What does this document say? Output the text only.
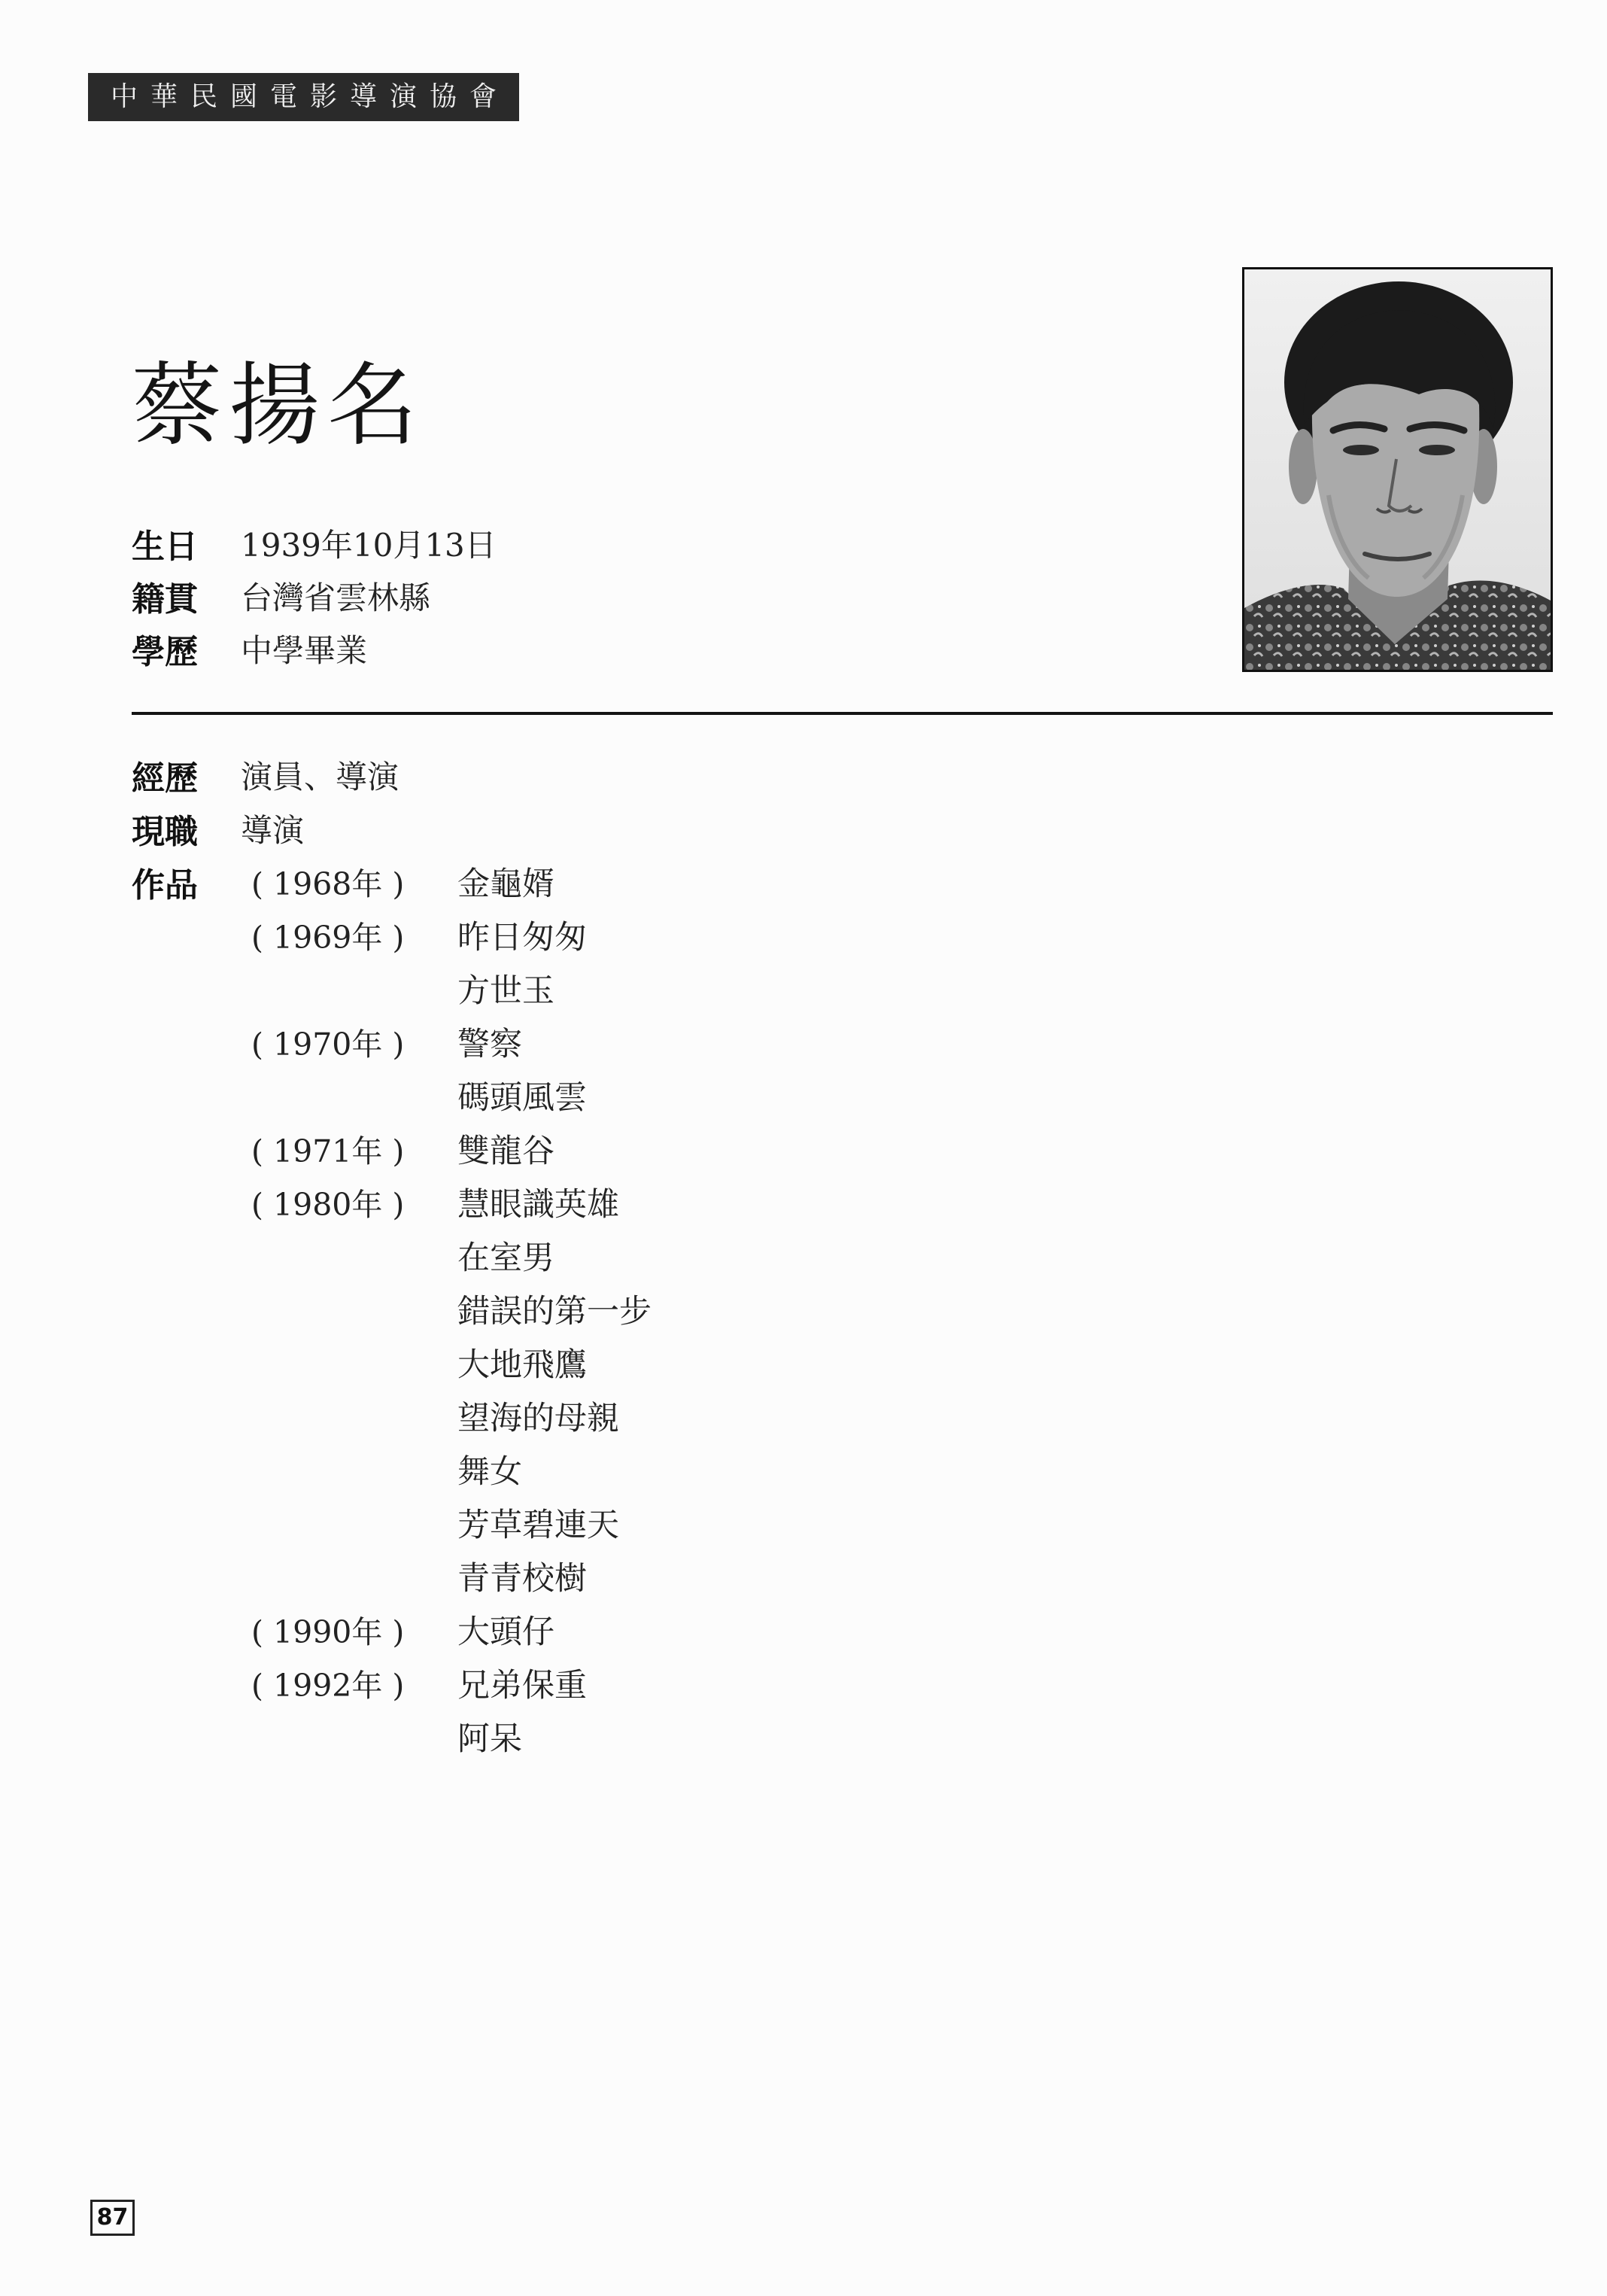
中華民國電影導演協會
蔡揚名
生日	1939年10月13日
籍貫	台灣省雲林縣
學歷	中學畢業
經歷	演員、導演
現職	導演
作品	( 1968年 )	金龜婿
( 1969年 )	昨日匆匆
方世玉
( 1970年 )	警察
碼頭風雲
( 1971年 )	雙龍谷
( 1980年 )	慧眼識英雄
在室男
錯誤的第一步
大地飛鷹
望海的母親
舞女
芳草碧連天
青青校樹
( 1990年 )	大頭仔
( 1992年 )	兄弟保重
阿呆
87
